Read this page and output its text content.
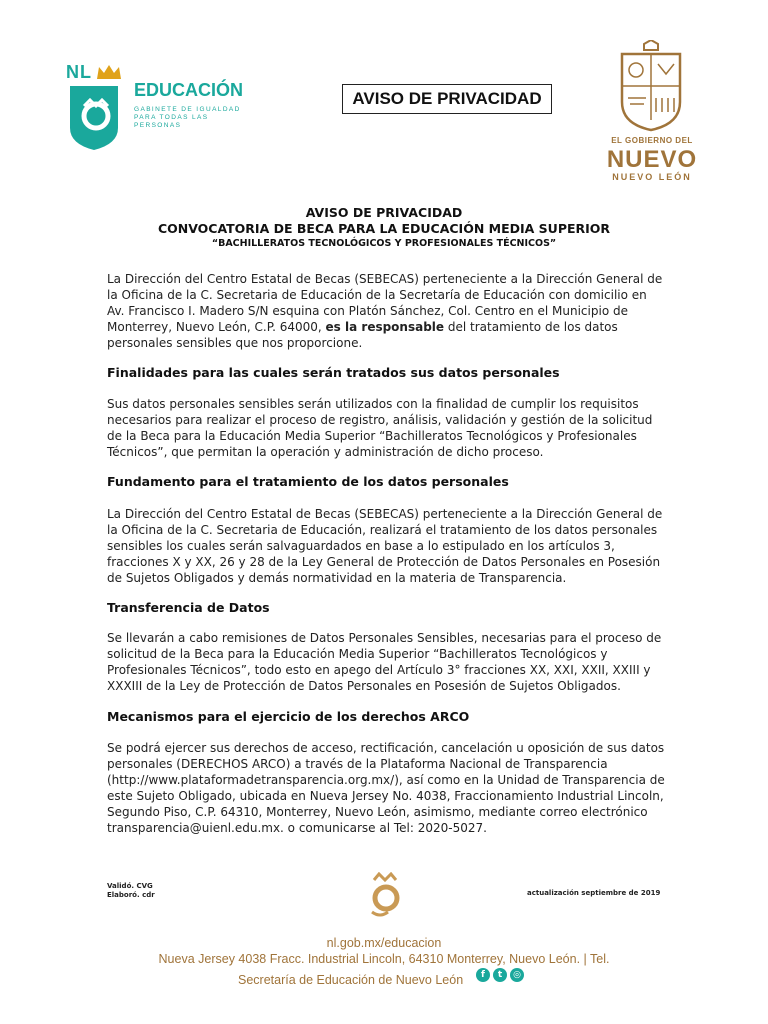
NL
EDUCACIÓN
GABINETE DE IGUALDAD
PARA TODAS LAS PERSONAS
AVISO DE PRIVACIDAD
EL GOBIERNO DEL
NUEVO
NUEVO LEÓN
AVISO DE PRIVACIDAD
CONVOCATORIA DE BECA PARA LA EDUCACIÓN MEDIA SUPERIOR
“BACHILLERATOS TECNOLÓGICOS Y PROFESIONALES TÉCNICOS”
La Dirección del Centro Estatal de Becas (SEBECAS) perteneciente a la Dirección General de la Oficina de la C. Secretaria de Educación de la Secretaría de Educación con domicilio en Av. Francisco I. Madero S/N esquina con Platón Sánchez, Col. Centro en el Municipio de Monterrey, Nuevo León, C.P. 64000, es la responsable del tratamiento de los datos personales sensibles que nos proporcione.
Finalidades para las cuales serán tratados sus datos personales
Sus datos personales sensibles serán utilizados con la finalidad de cumplir los requisitos necesarios para realizar el proceso de registro, análisis, validación y gestión de la solicitud de la Beca para la Educación Media Superior “Bachilleratos Tecnológicos y Profesionales Técnicos”, que permitan la operación y administración de dicho proceso.
Fundamento para el tratamiento de los datos personales
La Dirección del Centro Estatal de Becas (SEBECAS) perteneciente a la Dirección General de la Oficina de la C. Secretaria de Educación, realizará el tratamiento de los datos personales sensibles los cuales serán salvaguardados en base a lo estipulado en los artículos 3, fracciones X y XX, 26 y 28 de la Ley General de Protección de Datos Personales en Posesión de Sujetos Obligados y demás normatividad en la materia de Transparencia.
Transferencia de Datos
Se llevarán a cabo remisiones de Datos Personales Sensibles, necesarias para el proceso de solicitud de la Beca para la Educación Media Superior “Bachilleratos Tecnológicos y Profesionales Técnicos”, todo esto en apego del Artículo 3° fracciones XX, XXI, XXII, XXIII y XXXIII de la Ley de Protección de Datos Personales en Posesión de Sujetos Obligados.
Mecanismos para el ejercicio de los derechos ARCO
Se podrá ejercer sus derechos de acceso, rectificación, cancelación u oposición de sus datos personales (DERECHOS ARCO) a través de la Plataforma Nacional de Transparencia (http://www.plataformadetransparencia.org.mx/), así como en la Unidad de Transparencia de este Sujeto Obligado, ubicada en Nueva Jersey No. 4038, Fraccionamiento Industrial Lincoln, Segundo Piso, C.P. 64310, Monterrey, Nuevo León, asimismo, mediante correo electrónico transparencia@uienl.edu.mx. o comunicarse al Tel: 2020-5027.
Validó. CVG
Elaboró. cdr	actualización septiembre de 2019
nl.gob.mx/educacion
Nueva Jersey 4038 Fracc. Industrial Lincoln, 64310 Monterrey, Nuevo León. | Tel.
Secretaría de Educación de Nuevo León	f	t	◎
